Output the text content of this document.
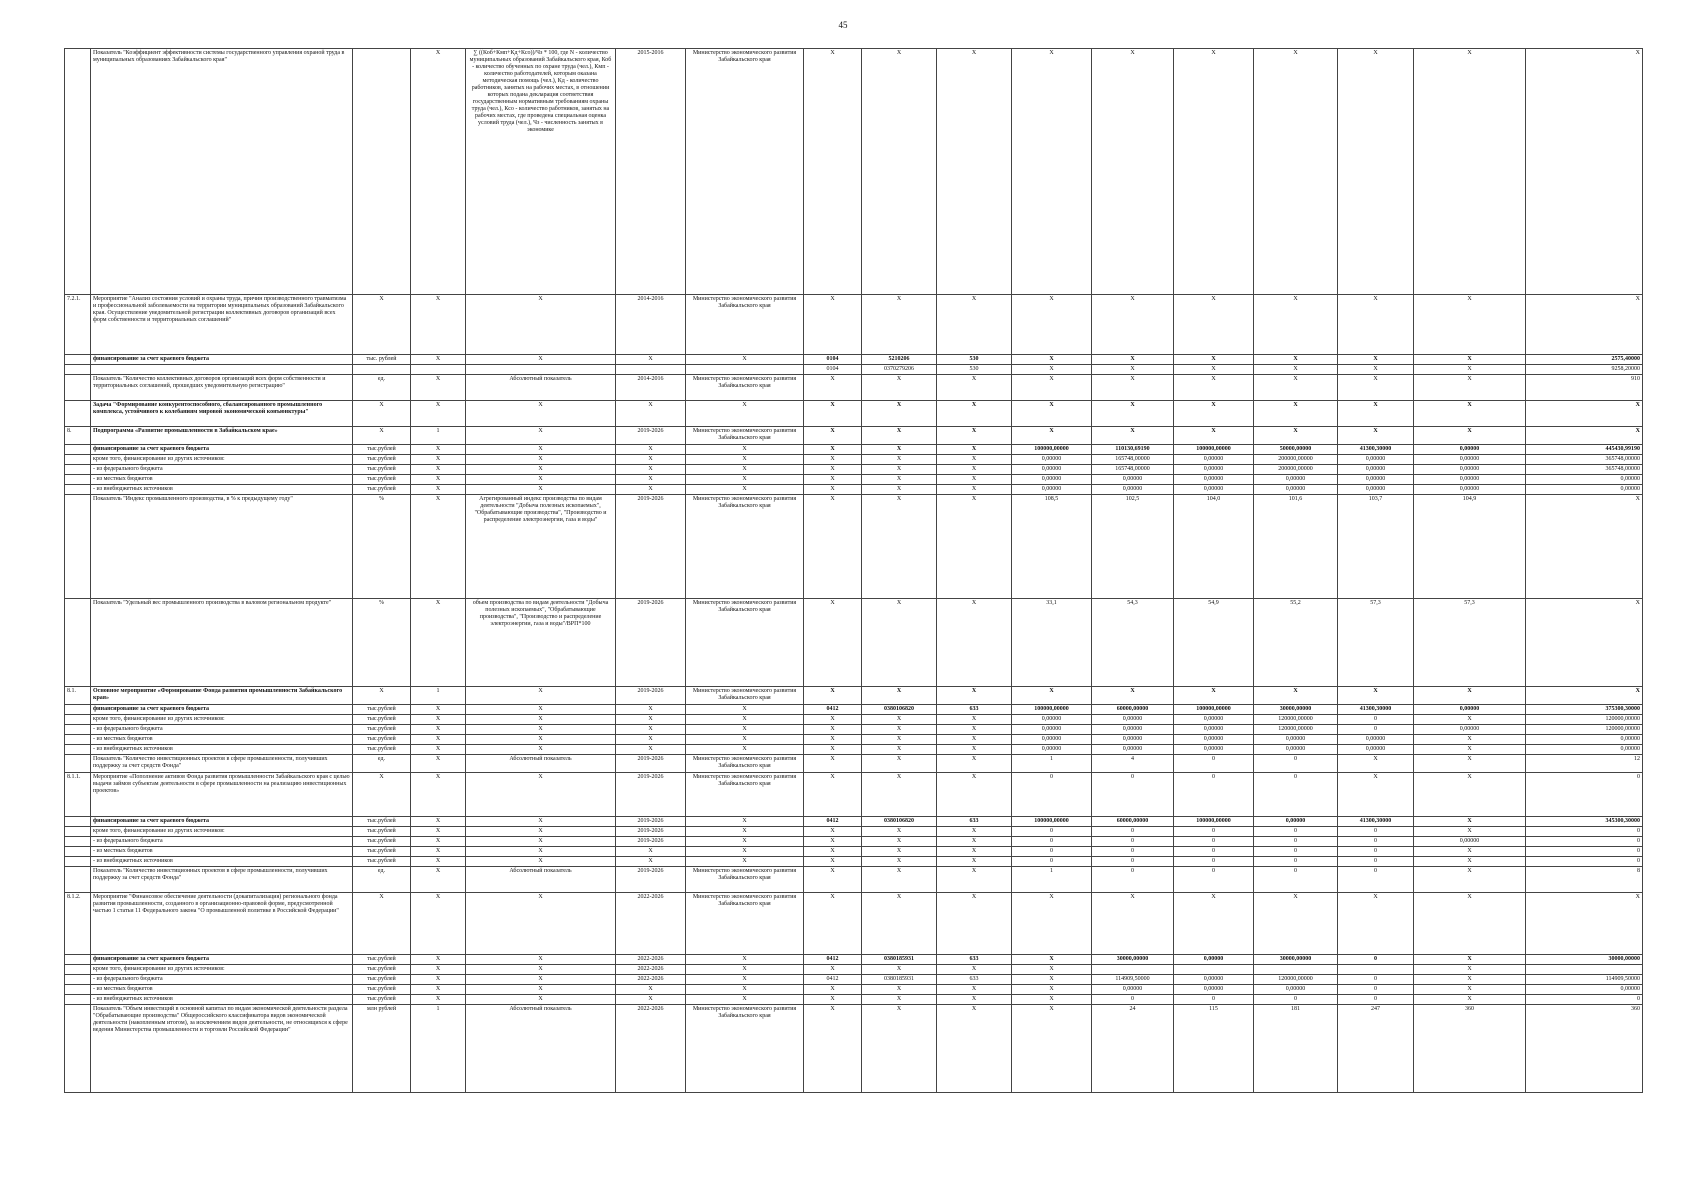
45
	Показатель "Коэффициент эффективности системы государственного управления охраной труда в муниципальных образованиях Забайкальского края"		X	∑ ((Коб+Кмп+Кд+Ксо))/Чз * 100, где N - количество муниципальных образований Забайкальского края, Коб - количество обученных по охране труда (чел.), Кмп - количество работодателей, которым оказана методическая помощь (чел.), Кд - количество работников, занятых на рабочих местах, в отношении которых подана декларация соответствия государственным нормативным требованиям охраны труда (чел.), Ксо - количество работников, занятых на рабочих местах, где проведена специальная оценка условий труда (чел.), Чз - численность занятых в экономике	2015-2016	Министерство экономического развития Забайкальского края	X	X	X	X	X	X	X	X	X	X
7.2.1.	Мероприятие "Анализ состояния условий и охраны труда, причин производственного травматизма и профессиональной заболеваемости на территории муниципальных образований Забайкальского края. Осуществление уведомительной регистрации коллективных договоров организаций всех форм собственности и территориальных соглашений"	X	X	X	2014-2016	Министерство экономического развития Забайкальского края	X	X	X	X	X	X	X	X	X	X
	финансирование за счет краевого бюджета	тыс. рублей	X	X	X	X	0104	5210206	530	X	X	X	X	X	X	2575,40000
							0104	0370279206	530	X	X	X	X	X	X	9258,20000
	Показатель "Количество коллективных договоров организаций всех форм собственности и территориальных соглашений, прошедших уведомительную регистрацию"	ед.	X	Абсолютный показатель	2014-2016	Министерство экономического развития Забайкальского края	X	X	X	X	X	X	X	X	X	910
	Задача "Формирование конкурентоспособного, сбалансированного промышленного комплекса, устойчивого к колебаниям мировой экономической конъюнктуры"	X	X	X	X	X	X	X	X	X	X	X	X	X	X	X
8.	Подпрограмма «Развитие промышленности в Забайкальском крае»	X	1	X	2019-2026	Министерство экономического развития Забайкальского края	X	X	X	X	X	X	X	X	X	X
	финансирование за счет краевого бюджета	тыс.рублей	X	X	X	X	X	X	X	100000,00000	110130,69190	100000,00000	50000,00000	41300,30000	0,00000	445430,99190
	кроме того, финансирование из других источников:	тыс.рублей	X	X	X	X	X	X	X	0,00000	165748,00000	0,00000	200000,00000	0,00000	0,00000	365748,00000
	- из федерального бюджета	тыс.рублей	X	X	X	X	X	X	X	0,00000	165748,00000	0,00000	200000,00000	0,00000	0,00000	365748,00000
	- из местных бюджетов	тыс.рублей	X	X	X	X	X	X	X	0,00000	0,00000	0,00000	0,00000	0,00000	0,00000	0,00000
	- из внебюджетных источников	тыс.рублей	X	X	X	X	X	X	X	0,00000	0,00000	0,00000	0,00000	0,00000	0,00000	0,00000
	Показатель "Индекс промышленного производства, в % к предыдущему году"	%	X	Агрегированный индекс производства по видам деятельности "Добыча полезных ископаемых", "Обрабатывающие производства", "Производство и распределение электроэнергии, газа и воды"	2019-2026	Министерство экономического развития Забайкальского края	X	X	X	108,5	102,5	104,0	101,6	103,7	104,9	X
	Показатель "Удельный вес промышленного производства в валовом региональном продукте"	%	X	объем производства по видам деятельности "Добыча полезных ископаемых", "Обрабатывающие производства", "Производство и распределение электроэнергии, газа и воды"/ВРП*100	2019-2026	Министерство экономического развития Забайкальского края	X	X	X	33,1	54,3	54,9	55,2	57,3	57,3	X
8.1.	Основное мероприятие «Формирование Фонда развития промышленности Забайкальского края»	X	1	X	2019-2026	Министерство экономического развития Забайкальского края	X	X	X	X	X	X	X	X	X	X
	финансирование за счет краевого бюджета	тыс.рублей	X	X	X	X	0412	0380106820	633	100000,00000	60000,00000	100000,00000	30000,00000	41300,30000	0,00000	375300,30000
	кроме того, финансирование из других источников:	тыс.рублей	X	X	X	X	X	X	X	0,00000	0,00000	0,00000	120000,00000	0	X	120000,00000
	- из федерального бюджета	тыс.рублей	X	X	X	X	X	X	X	0,00000	0,00000	0,00000	120000,00000	0	0,00000	120000,00000
	- из местных бюджетов	тыс.рублей	X	X	X	X	X	X	X	0,00000	0,00000	0,00000	0,00000	0,00000	X	0,00000
	- из внебюджетных источников	тыс.рублей	X	X	X	X	X	X	X	0,00000	0,00000	0,00000	0,00000	0,00000	X	0,00000
	Показатель "Количество инвестиционных проектов в сфере промышленности, получивших поддержку за счет средств Фонда"	ед.	X	Абсолютный показатель	2019-2026	Министерство экономического развития Забайкальского края	X	X	X	1	4	0	0	X	X	12
8.1.1.	Мероприятие «Пополнение активов Фонда развития промышленности Забайкальского края с целью выдачи займов субъектам деятельности в сфере промышленности на реализацию инвестиционных проектов»	X	X	X	2019-2026	Министерство экономического развития Забайкальского края	X	X	X	0	0	0	0	X	X	0
	финансирование за счет краевого бюджета	тыс.рублей	X	X	2019-2026	X	0412	0380106820	633	100000,00000	60000,00000	100000,00000	0,00000	41300,30000	X	345300,30000
	кроме того, финансирование из других источников:	тыс.рублей	X	X	2019-2026	X	X	X	X	0	0	0	0	0	X	0
	- из федерального бюджета	тыс.рублей	X	X	2019-2026	X	X	X	X	0	0	0	0	0	0,00000	0
	- из местных бюджетов	тыс.рублей	X	X	X	X	X	X	X	0	0	0	0	0	X	0
	- из внебюджетных источников	тыс.рублей	X	X	X	X	X	X	X	0	0	0	0	0	X	0
	Показатель "Количество инвестиционных проектов в сфере промышленности, получивших поддержку за счет средств Фонда"	ед.	X	Абсолютный показатель	2019-2026	Министерство экономического развития Забайкальского края	X	X	X	1	0	0	0	0	X	8
8.1.2.	Мероприятие "Финансовое обеспечение деятельности (докапитализация) регионального фонда развития промышленности, созданного в организационно-правовой форме, предусмотренной частью 1 статьи 11 Федерального закона "О промышленной политике в Российской Федерации"	X	X	X	2022-2026	Министерство экономического развития Забайкальского края	X	X	X	X	X	X	X	X	X	X
	финансирование за счет краевого бюджета	тыс.рублей	X	X	2022-2026	X	0412	0380185931	633	X	30000,00000	0,00000	30000,00000	0	X	30000,00000
	кроме того, финансирование из других источников:	тыс.рублей	X	X	2022-2026	X	X	X	X	X					X	
	- из федерального бюджета	тыс.рублей	X	X	2022-2026	X	0412	0380185931	633	X	114909,50000	0,00000	120000,00000	0	X	114909,50000
	- из местных бюджетов	тыс.рублей	X	X	X	X	X	X	X	X	0,00000	0,00000	0,00000	0	X	0,00000
	- из внебюджетных источников	тыс.рублей	X	X	X	X	X	X	X	X	0	0	0	0	X	0
	Показатель "Объем инвестиций в основной капитал по видам экономической деятельности раздела "Обрабатывающие производства" Общероссийского классификатора видов экономической деятельности (накопленным итогом), за исключением видов деятельности, не относящихся к сфере ведения Министерства промышленности и торговли Российской Федерации"	млн рублей	1	Абсолютный показатель	2022-2026	Министерство экономического развития Забайкальского края	X	X	X	X	24	115	181	247	360	360
